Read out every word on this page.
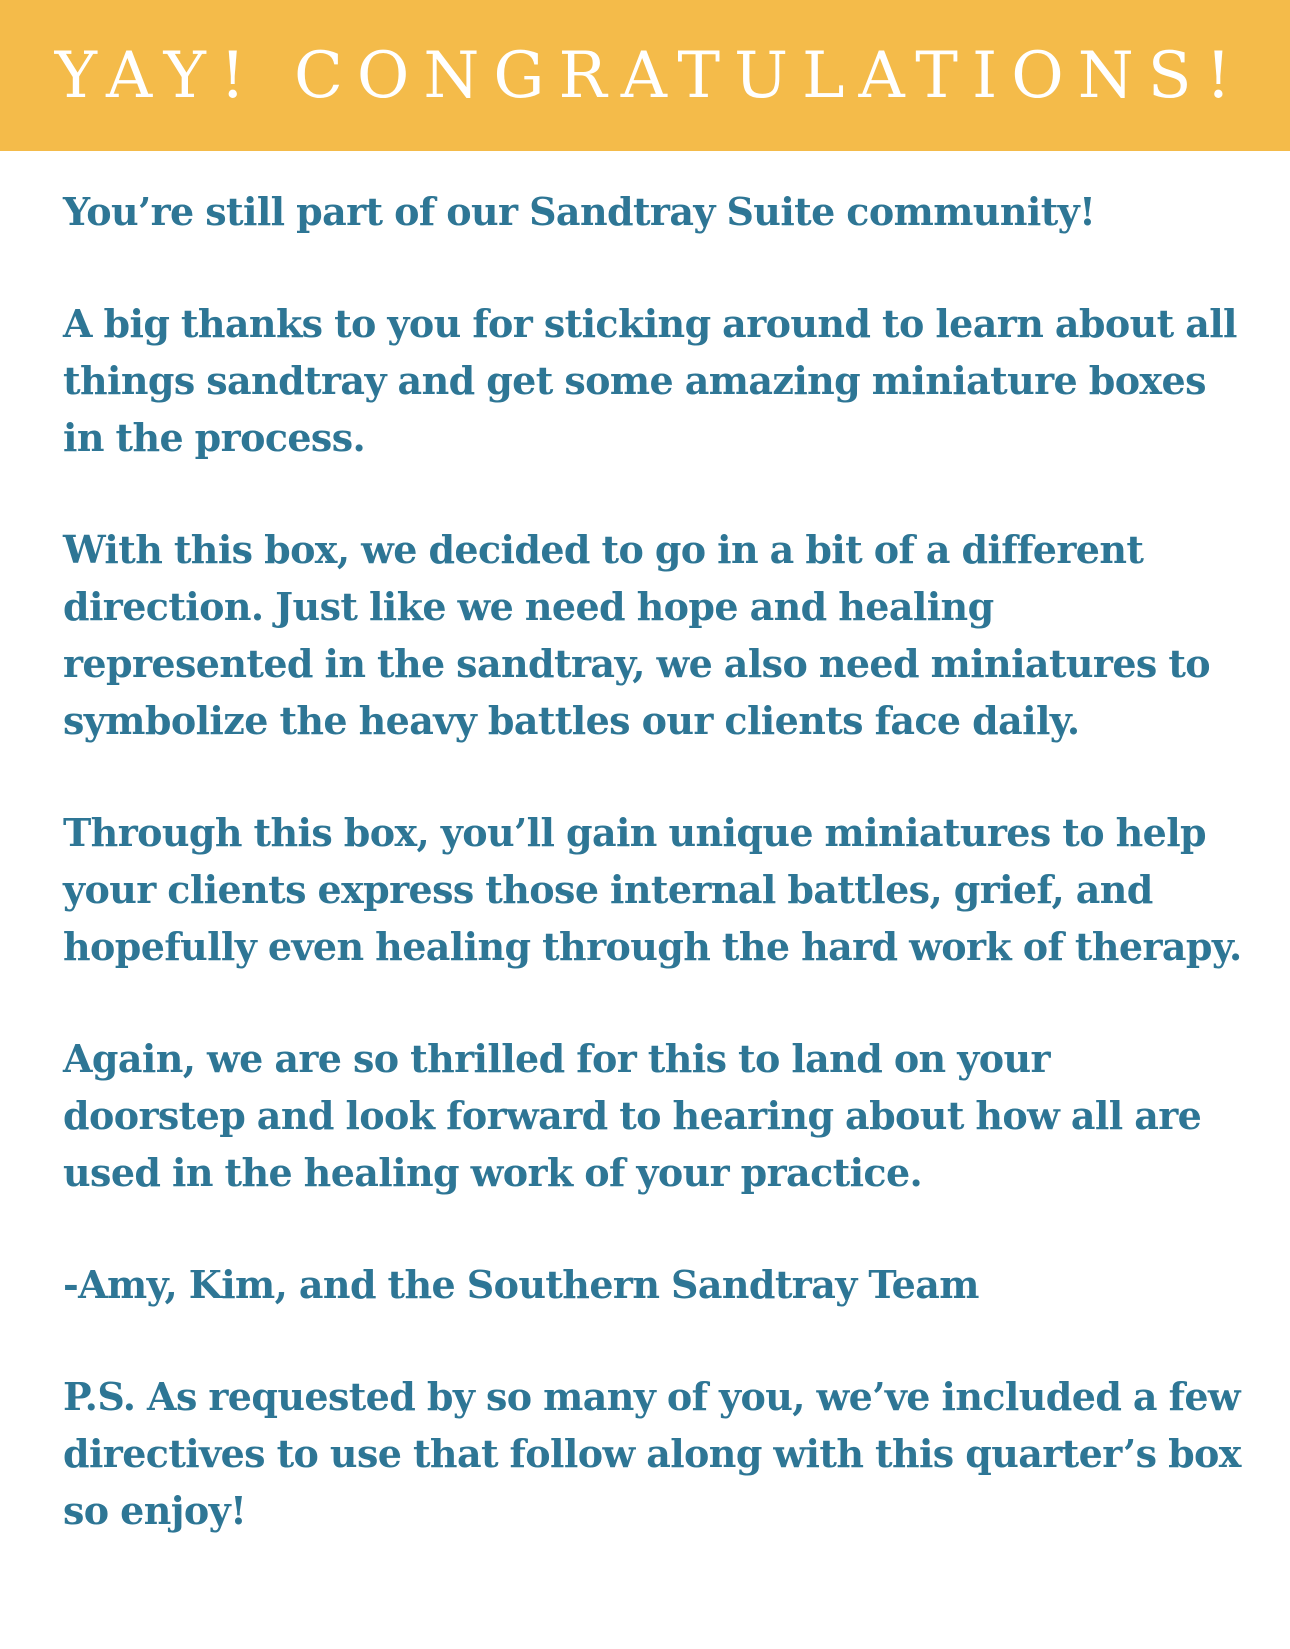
YAY! CONGRATULATIONS!

You’re still part of our Sandtray Suite community!

A big thanks to you for sticking around to learn about all things sandtray and get some amazing miniature boxes in the process.

With this box, we decided to go in a bit of a different direction. Just like we need hope and healing represented in the sandtray, we also need miniatures to symbolize the heavy battles our clients face daily.

Through this box, you’ll gain unique miniatures to help your clients express those internal battles, grief, and hopefully even healing through the hard work of therapy.

Again, we are so thrilled for this to land on your doorstep and look forward to hearing about how all are used in the healing work of your practice.

-Amy, Kim, and the Southern Sandtray Team

P.S. As requested by so many of you, we’ve included a few directives to use that follow along with this quarter’s box so enjoy!
